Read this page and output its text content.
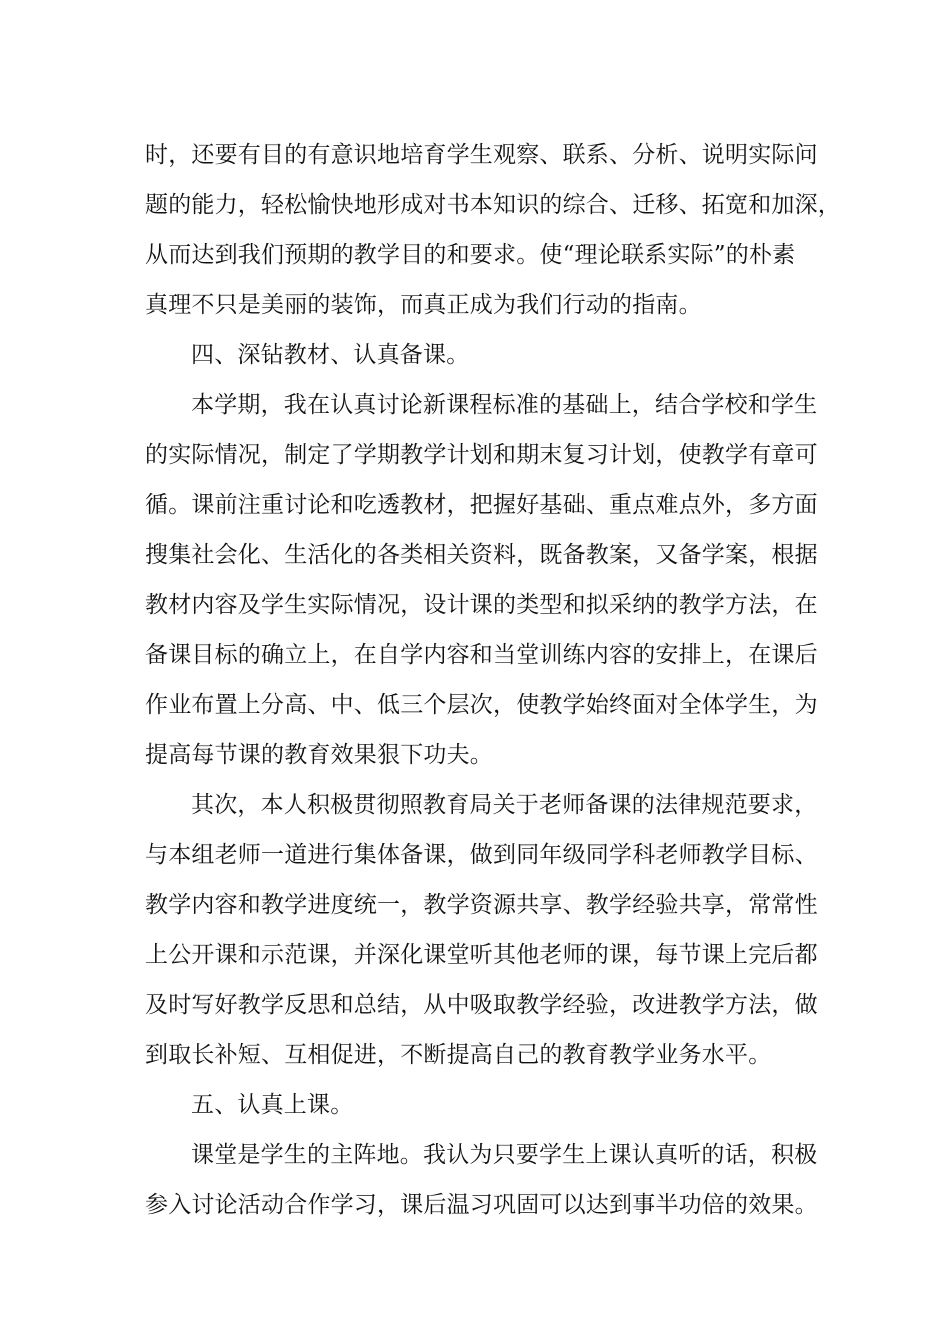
时，还要有目的有意识地培育学生观察、联系、分析、说明实际问
题的能力，轻松愉快地形成对书本知识的综合、迁移、拓宽和加深，
从而达到我们预期的教学目的和要求。使“理论联系实际”的朴素
真理不只是美丽的装饰，而真正成为我们行动的指南。
四、深钻教材、认真备课。
本学期，我在认真讨论新课程标准的基础上，结合学校和学生
的实际情况，制定了学期教学计划和期末复习计划，使教学有章可
循。课前注重讨论和吃透教材，把握好基础、重点难点外，多方面
搜集社会化、生活化的各类相关资料，既备教案，又备学案，根据
教材内容及学生实际情况，设计课的类型和拟采纳的教学方法，在
备课目标的确立上，在自学内容和当堂训练内容的安排上，在课后
作业布置上分高、中、低三个层次，使教学始终面对全体学生，为
提高每节课的教育效果狠下功夫。
其次，本人积极贯彻照教育局关于老师备课的法律规范要求，
与本组老师一道进行集体备课，做到同年级同学科老师教学目标、
教学内容和教学进度统一，教学资源共享、教学经验共享，常常性
上公开课和示范课，并深化课堂听其他老师的课，每节课上完后都
及时写好教学反思和总结，从中吸取教学经验，改进教学方法，做
到取长补短、互相促进，不断提高自己的教育教学业务水平。
五、认真上课。
课堂是学生的主阵地。我认为只要学生上课认真听的话，积极
参入讨论活动合作学习，课后温习巩固可以达到事半功倍的效果。
